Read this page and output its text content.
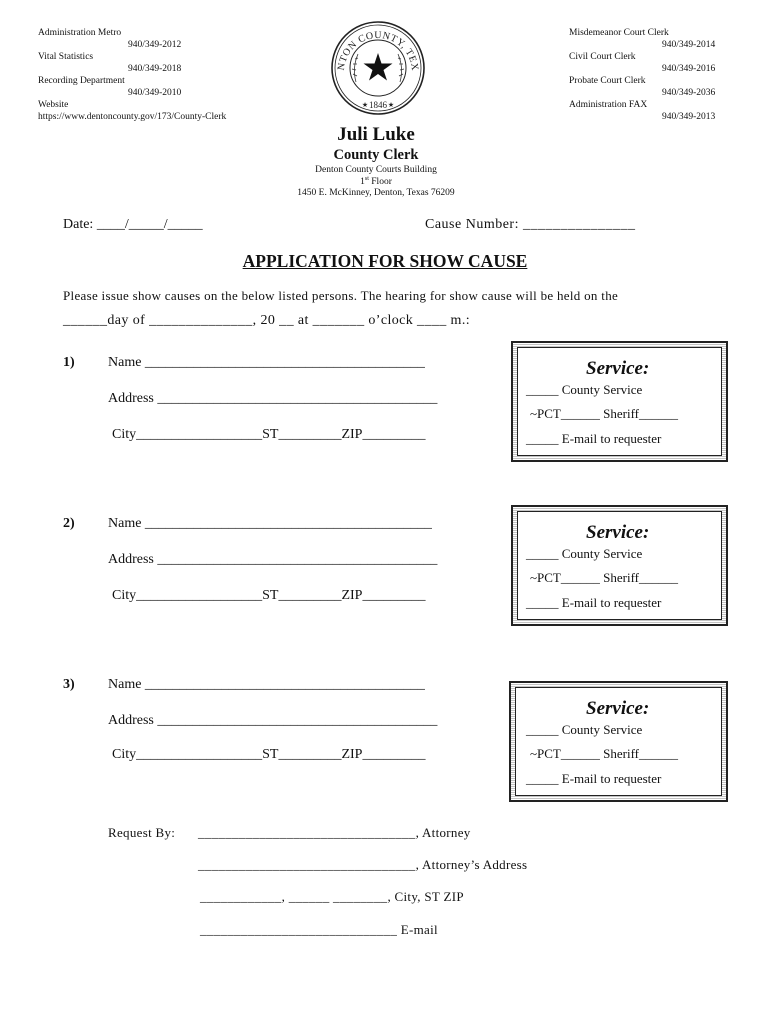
Administration Metro
940/349-2012
Vital Statistics
940/349-2018
Recording Department
940/349-2010
Website
https://www.dentoncounty.gov/173/County-Clerk
Misdemeanor Court Clerk
940/349-2014
Civil Court Clerk
940/349-2016
Probate Court Clerk
940/349-2036
Administration FAX
940/349-2013
NTON COUNTY, TEX
1846
★	★
Juli Luke
County Clerk
Denton County Courts Building
1st Floor
1450 E. McKinney, Denton, Texas 76209
Date: ____/_____/_____	Cause Number: _______________
APPLICATION FOR SHOW CAUSE
Please issue show causes on the below listed persons. The hearing for show cause will be held on the
______day of ______________, 20 __ at _______ o’clock ____ m.:
1) Name ________________________________________
Address ________________________________________
City__________________ST_________ZIP_________
Service:
_____ County Service
~PCT______ Sheriff______
_____ E-mail to requester
2) Name _________________________________________
Address ________________________________________
City__________________ST_________ZIP_________
Service:
_____ County Service
~PCT______ Sheriff______
_____ E-mail to requester
3) Name ________________________________________
Address ________________________________________
City__________________ST_________ZIP_________
Service:
_____ County Service
~PCT______ Sheriff______
_____ E-mail to requester
Request By: ________________________________, Attorney
________________________________, Attorney’s Address
____________, ______ ________, City, ST ZIP
_____________________________ E-mail
